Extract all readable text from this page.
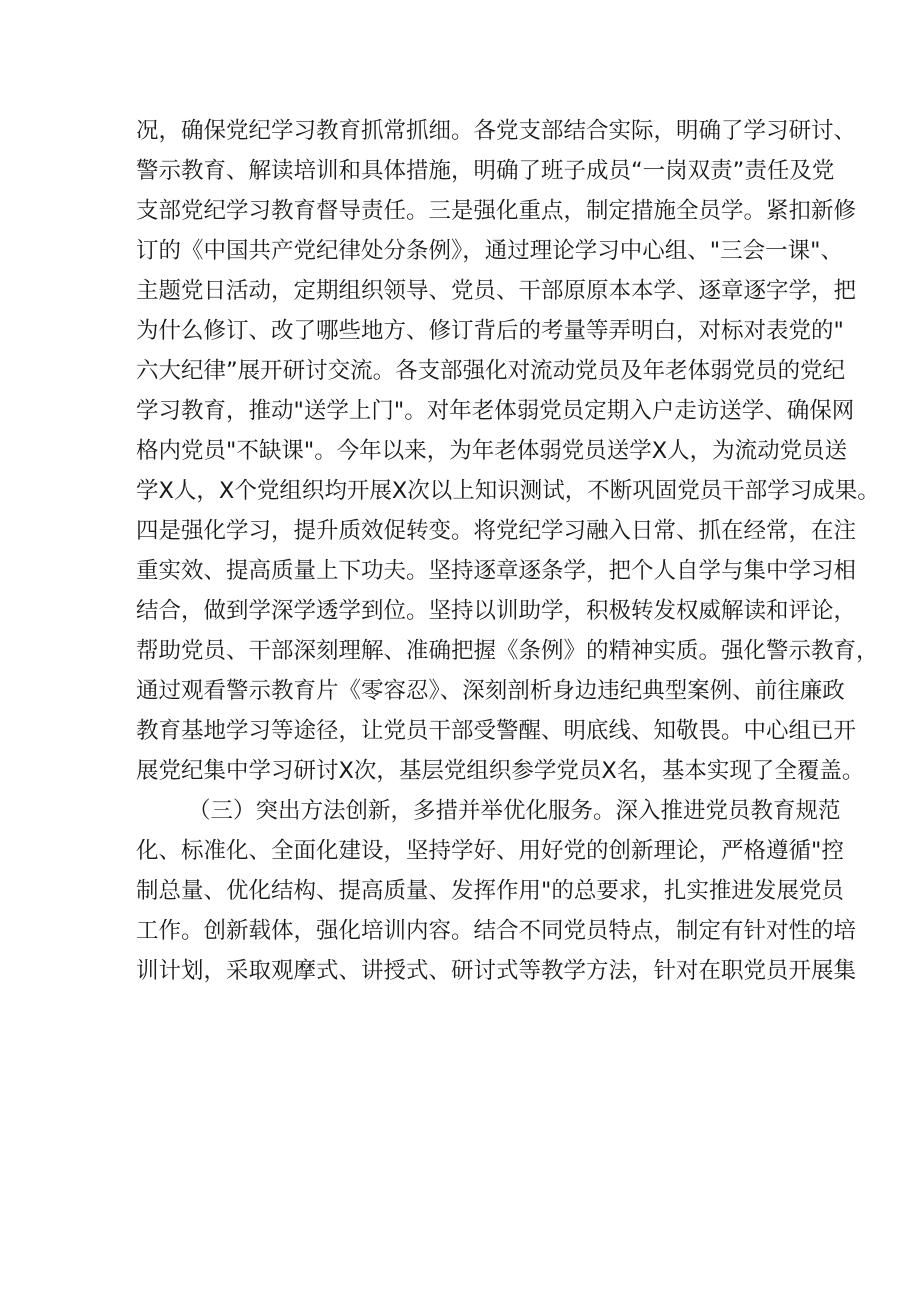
况，确保党纪学习教育抓常抓细。各党支部结合实际，明确了学习研讨、
警示教育、解读培训和具体措施，明确了班子成员“一岗双责”责任及党
支部党纪学习教育督导责任。三是强化重点，制定措施全员学。紧扣新修
订的《中国共产党纪律处分条例》，通过理论学习中心组、"三会一课"、
主题党日活动，定期组织领导、党员、干部原原本本学、逐章逐字学，把
为什么修订、改了哪些地方、修订背后的考量等弄明白，对标对表党的"
六大纪律”展开研讨交流。各支部强化对流动党员及年老体弱党员的党纪
学习教育，推动"送学上门"。对年老体弱党员定期入户走访送学、确保网
格内党员"不缺课"。今年以来，为年老体弱党员送学X人，为流动党员送
学X人，X个党组织均开展X次以上知识测试，不断巩固党员干部学习成果。
四是强化学习，提升质效促转变。将党纪学习融入日常、抓在经常，在注
重实效、提高质量上下功夫。坚持逐章逐条学，把个人自学与集中学习相
结合，做到学深学透学到位。坚持以训助学，积极转发权威解读和评论，
帮助党员、干部深刻理解、准确把握《条例》的精神实质。强化警示教育，
通过观看警示教育片《零容忍》、深刻剖析身边违纪典型案例、前往廉政
教育基地学习等途径，让党员干部受警醒、明底线、知敬畏。中心组已开
展党纪集中学习研讨X次，基层党组织参学党员X名，基本实现了全覆盖。
（三）突出方法创新，多措并举优化服务。深入推进党员教育规范
化、标准化、全面化建设，坚持学好、用好党的创新理论，严格遵循"控
制总量、优化结构、提高质量、发挥作用"的总要求，扎实推进发展党员
工作。创新载体，强化培训内容。结合不同党员特点，制定有针对性的培
训计划，采取观摩式、讲授式、研讨式等教学方法，针对在职党员开展集
